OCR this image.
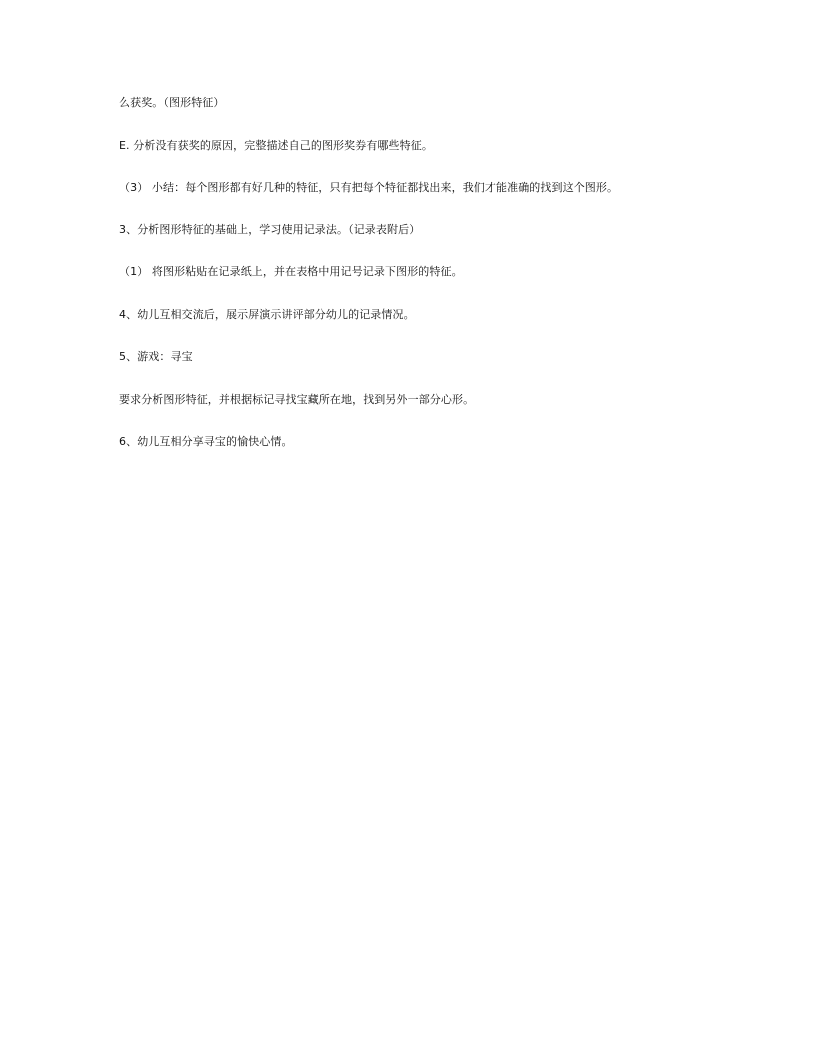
么获奖。（图形特征）
E. 分析没有获奖的原因，完整描述自己的图形奖券有哪些特征。
（3） 小结：每个图形都有好几种的特征，只有把每个特征都找出来，我们才能准确的找到这个图形。
3、分析图形特征的基础上，学习使用记录法。（记录表附后）
（1） 将图形粘贴在记录纸上，并在表格中用记号记录下图形的特征。
4、幼儿互相交流后，展示屏演示讲评部分幼儿的记录情况。
5、游戏：寻宝
要求分析图形特征，并根据标记寻找宝藏所在地，找到另外一部分心形。
6、幼儿互相分享寻宝的愉快心情。
